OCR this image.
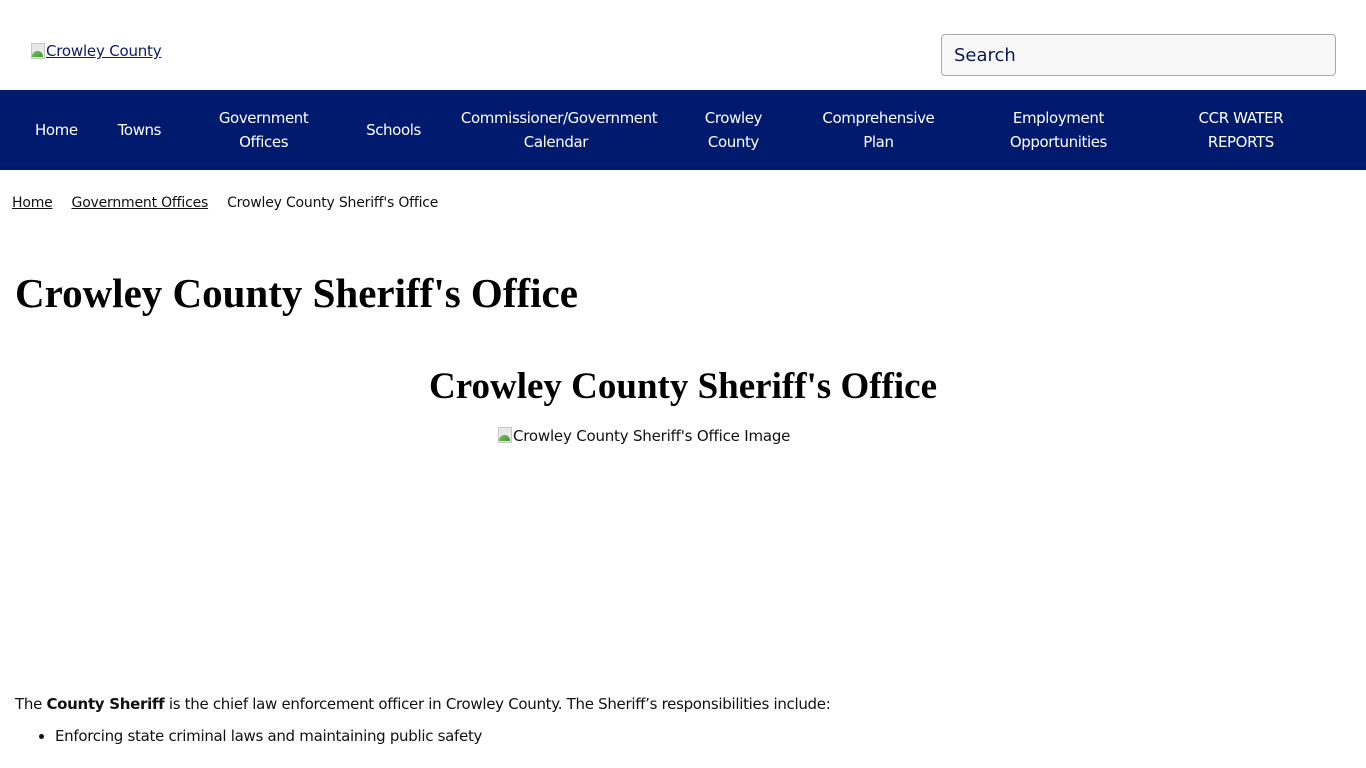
Crowley County
Search
Home	Towns
Government
Offices
Schools
Commissioner/Government
Calendar
Crowley
County
Comprehensive
Plan
Employment
Opportunities
CCR WATER
REPORTS
Home Government Offices Crowley County Sheriff's Office
Crowley County Sheriff's Office
Crowley County Sheriff's Office
Crowley County Sheriff's Office Image

The County Sheriff is the chief law enforcement officer in Crowley County. The Sheriff’s responsibilities include:

• Enforcing state criminal laws and maintaining public safety
